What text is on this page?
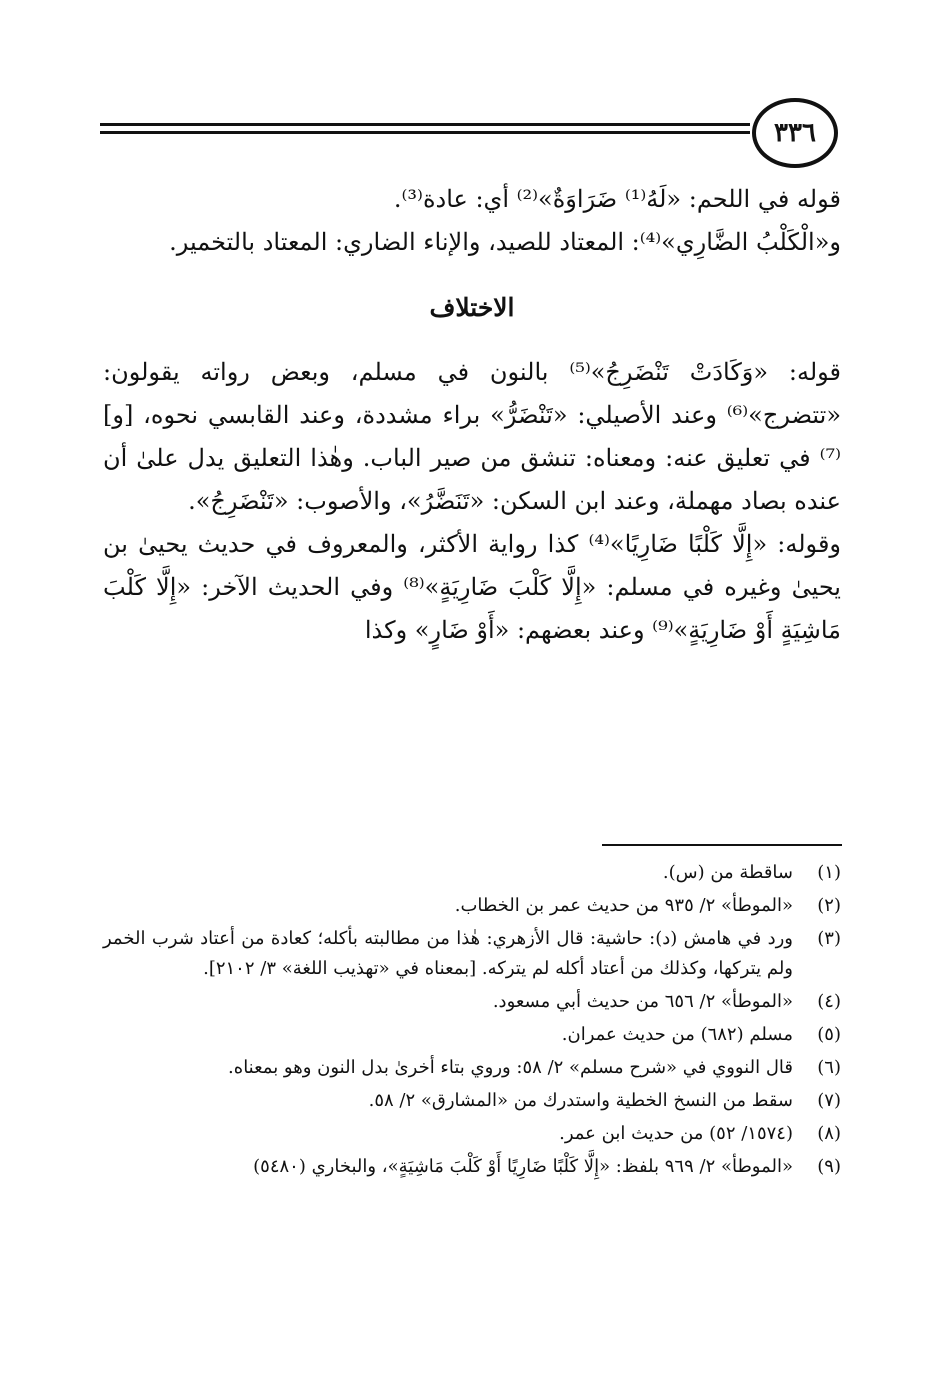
٣٣٦

قوله في اللحم: «لَهُ⁽¹⁾ ضَرَاوَةٌ»⁽²⁾ أي: عادة⁽³⁾.

و«الْكَلْبُ الضَّارِي»⁽⁴⁾: المعتاد للصيد، والإناء الضاري: المعتاد بالتخمير.

الاختلاف

قوله: «وَكَادَتْ تَنْضَرِجُ»⁽⁵⁾ بالنون في مسلم، وبعض رواته يقولون: «تتضرج»⁽⁶⁾ وعند الأصيلي: «تَنْضَرُّ» براء مشددة، وعند القابسي نحوه، [و]⁽⁷⁾ في تعليق عنه: ومعناه: تنشق من صير الباب. وهٰذا التعليق يدل علىٰ أن عنده بصاد مهملة، وعند ابن السكن: «تَنَضَّرُ»، والأصوب: «تَنْضَرِجُ».

وقوله: «إِلَّا كَلْبًا ضَارِيًا»⁽⁴⁾ كذا رواية الأكثر، والمعروف في حديث يحيىٰ بن يحيىٰ وغيره في مسلم: «إِلَّا كَلْبَ ضَارِيَةٍ»⁽⁸⁾ وفي الحديث الآخر: «إِلَّا كَلْبَ مَاشِيَةٍ أَوْ ضَارِيَةٍ»⁽⁹⁾ وعند بعضهم: «أَوْ ضَارٍ» وكذا

(١)
ساقطة من (س).
(٢)
«الموطأ» ٢/ ٩٣٥ من حديث عمر بن الخطاب.
(٣)
ورد في هامش (د): حاشية: قال الأزهري: هٰذا من مطالبته بأكله؛ كعادة من أعتاد شرب الخمر ولم يتركها، وكذلك من أعتاد أكله لم يتركه. [بمعناه في «تهذيب اللغة» ٣/ ٢١٠٢].
(٤)
«الموطأ» ٢/ ٦٥٦ من حديث أبي مسعود.
(٥)
مسلم (٦٨٢) من حديث عمران.
(٦)
قال النووي في «شرح مسلم» ٢/ ٥٨: وروي بتاء أخرىٰ بدل النون وهو بمعناه.
(٧)
سقط من النسخ الخطية واستدرك من «المشارق» ٢/ ٥٨.
(٨)
(١٥٧٤/ ٥٢) من حديث ابن عمر.
(٩)
«الموطأ» ٢/ ٩٦٩ بلفظ: «إِلَّا كَلْبًا ضَارِيًا أَوْ كَلْبَ مَاشِيَةٍ»، والبخاري (٥٤٨٠)
